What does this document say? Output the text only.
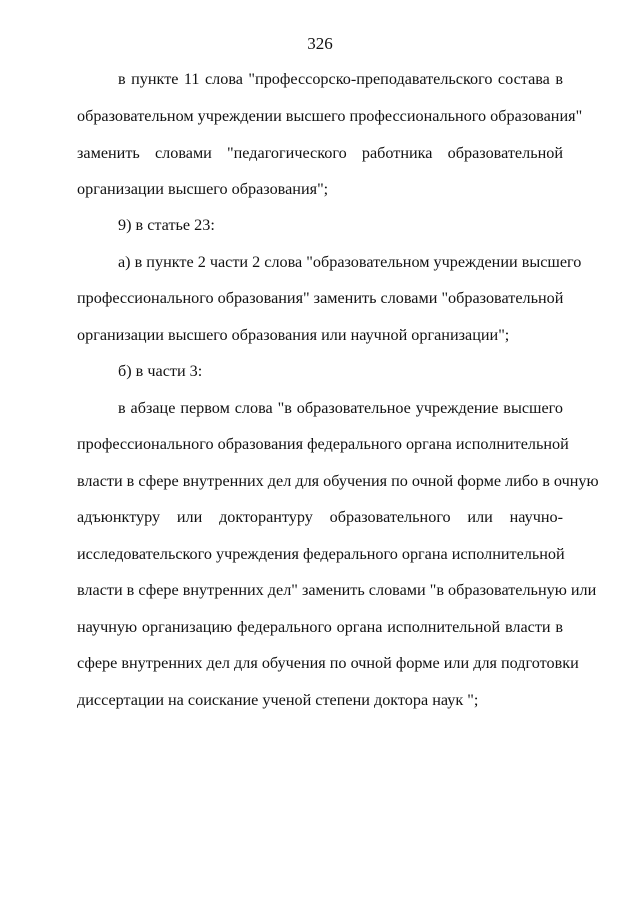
326
в пункте 11 слова "профессорско-преподавательского состава в
образовательном учреждении высшего профессионального образования"
заменить словами "педагогического работника образовательной
организации высшего образования";
9) в статье 23:
а) в пункте 2 части 2 слова "образовательном учреждении высшего
профессионального образования" заменить словами "образовательной
организации высшего образования или научной организации";
б) в части 3:
в абзаце первом слова "в образовательное учреждение высшего
профессионального образования федерального органа исполнительной
власти в сфере внутренних дел для обучения по очной форме либо в очную
адъюнктуру или докторантуру образовательного или научно-
исследовательского учреждения федерального органа исполнительной
власти в сфере внутренних дел" заменить словами "в образовательную или
научную организацию федерального органа исполнительной власти в
сфере внутренних дел для обучения по очной форме или для подготовки
диссертации на соискание ученой степени доктора наук ";
